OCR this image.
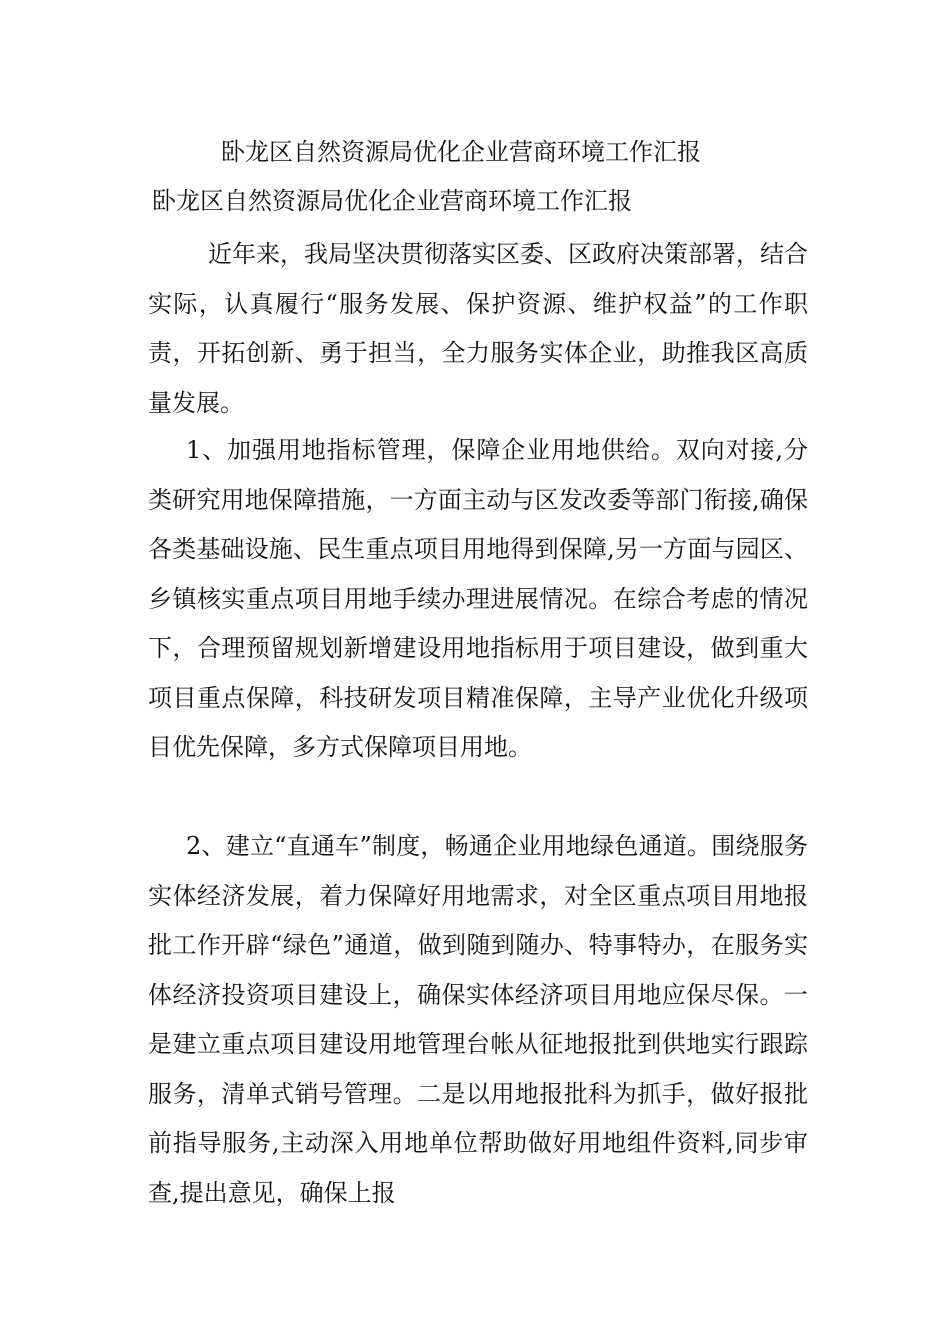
卧龙区自然资源局优化企业营商环境工作汇报
卧龙区自然资源局优化企业营商环境工作汇报
近年来，我局坚决贯彻落实区委、区政府决策部署，结合实际，认真履行“服务发展、保护资源、维护权益”的工作职责，开拓创新、勇于担当，全力服务实体企业，助推我区高质量发展。
1、加强用地指标管理，保障企业用地供给。双向对接,分类研究用地保障措施，一方面主动与区发改委等部门衔接,确保各类基础设施、民生重点项目用地得到保障,另一方面与园区、乡镇核实重点项目用地手续办理进展情况。在综合考虑的情况下，合理预留规划新增建设用地指标用于项目建设，做到重大项目重点保障，科技研发项目精准保障，主导产业优化升级项目优先保障，多方式保障项目用地。
2、建立“直通车”制度，畅通企业用地绿色通道。围绕服务实体经济发展，着力保障好用地需求，对全区重点项目用地报批工作开辟“绿色”通道，做到随到随办、特事特办，在服务实体经济投资项目建设上，确保实体经济项目用地应保尽保。一是建立重点项目建设用地管理台帐从征地报批到供地实行跟踪服务，清单式销号管理。二是以用地报批科为抓手，做好报批前指导服务,主动深入用地单位帮助做好用地组件资料,同步审查,提出意见，确保上报
